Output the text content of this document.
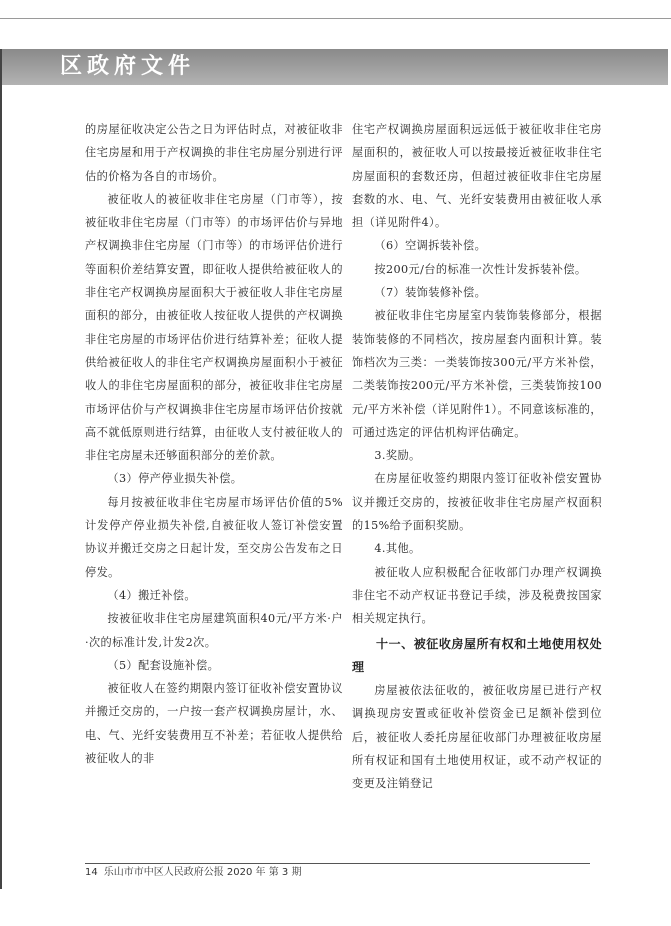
区政府文件

的房屋征收决定公告之日为评估时点，对被征收非住宅房屋和用于产权调换的非住宅房屋分别进行评估的价格为各自的市场价。

被征收人的被征收非住宅房屋（门市等），按被征收非住宅房屋（门市等）的市场评估价与异地产权调换非住宅房屋（门市等）的市场评估价进行等面积价差结算安置，即征收人提供给被征收人的非住宅产权调换房屋面积大于被征收人非住宅房屋面积的部分，由被征收人按征收人提供的产权调换非住宅房屋的市场评估价进行结算补差；征收人提供给被征收人的非住宅产权调换房屋面积小于被征收人的非住宅房屋面积的部分，被征收非住宅房屋市场评估价与产权调换非住宅房屋市场评估价按就高不就低原则进行结算，由征收人支付被征收人的非住宅房屋未还够面积部分的差价款。

（3）停产停业损失补偿。

每月按被征收非住宅房屋市场评估价值的5%计发停产停业损失补偿,自被征收人签订补偿安置协议并搬迁交房之日起计发，至交房公告发布之日停发。

（4）搬迁补偿。

按被征收非住宅房屋建筑面积40元/平方米·户·次的标准计发,计发2次。

（5）配套设施补偿。

被征收人在签约期限内签订征收补偿安置协议并搬迁交房的，一户按一套产权调换房屋计，水、电、气、光纤安装费用互不补差；若征收人提供给被征收人的非

住宅产权调换房屋面积远远低于被征收非住宅房屋面积的，被征收人可以按最接近被征收非住宅房屋面积的套数还房，但超过被征收非住宅房屋套数的水、电、气、光纤安装费用由被征收人承担（详见附件4）。

（6）空调拆装补偿。

按200元/台的标准一次性计发拆装补偿。

（7）装饰装修补偿。

被征收非住宅房屋室内装饰装修部分，根据装饰装修的不同档次，按房屋套内面积计算。装饰档次为三类：一类装饰按300元/平方米补偿，二类装饰按200元/平方米补偿，三类装饰按100元/平方米补偿（详见附件1）。不同意该标准的，可通过选定的评估机构评估确定。

3.奖励。

在房屋征收签约期限内签订征收补偿安置协议并搬迁交房的，按被征收非住宅房屋产权面积的15%给予面积奖励。

4.其他。

被征收人应积极配合征收部门办理产权调换非住宅不动产权证书登记手续，涉及税费按国家相关规定执行。

十一、被征收房屋所有权和土地使用权处理

房屋被依法征收的，被征收房屋已进行产权调换现房安置或征收补偿资金已足额补偿到位后，被征收人委托房屋征收部门办理被征收房屋所有权证和国有土地使用权证，或不动产权证的变更及注销登记

14 乐山市市中区人民政府公报 2020 年 第 3 期
